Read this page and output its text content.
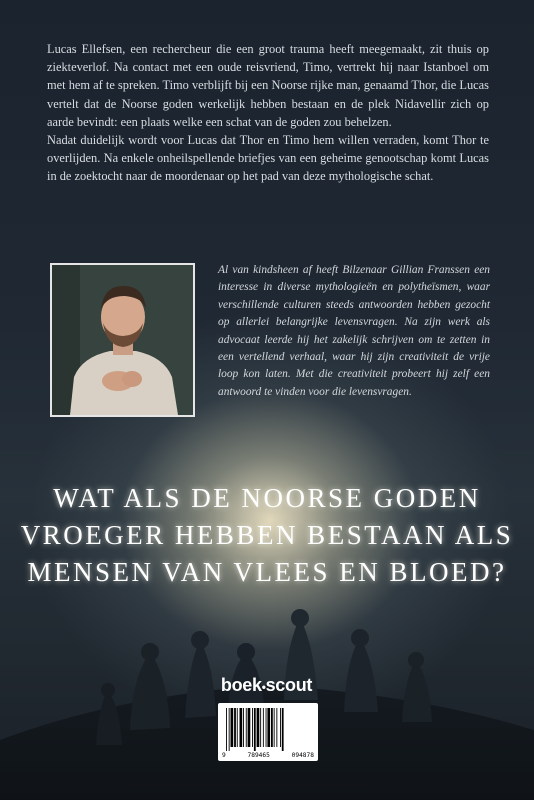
Lucas Ellefsen, een rechercheur die een groot trauma heeft meegemaakt, zit thuis op ziekteverlof. Na contact met een oude reisvriend, Timo, vertrekt hij naar Istanboel om met hem af te spreken. Timo verblijft bij een Noorse rijke man, genaamd Thor, die Lucas vertelt dat de Noorse goden werkelijk hebben bestaan en de plek Nidavellir zich op aarde bevindt: een plaats welke een schat van de goden zou behelzen.

Nadat duidelijk wordt voor Lucas dat Thor en Timo hem willen verraden, komt Thor te overlijden. Na enkele onheilspellende briefjes van een geheime genootschap komt Lucas in de zoektocht naar de moordenaar op het pad van deze mythologische schat.

Al van kindsheen af heeft Bilzenaar Gillian Franssen een interesse in diverse mythologieën en polytheïsmen, waar verschillende culturen steeds antwoorden hebben gezocht op allerlei belangrijke levensvragen. Na zijn werk als advocaat leerde hij het zakelijk schrijven om te zetten in een vertellend verhaal, waar hij zijn creativiteit de vrije loop kon laten. Met die creativiteit probeert hij zelf een antwoord te vinden voor die levensvragen.
WAT ALS DE NOORSE GODEN
VROEGER HEBBEN BESTAAN ALS
MENSEN VAN VLEES EN BLOED?
boek•scout
9	789465	094878
